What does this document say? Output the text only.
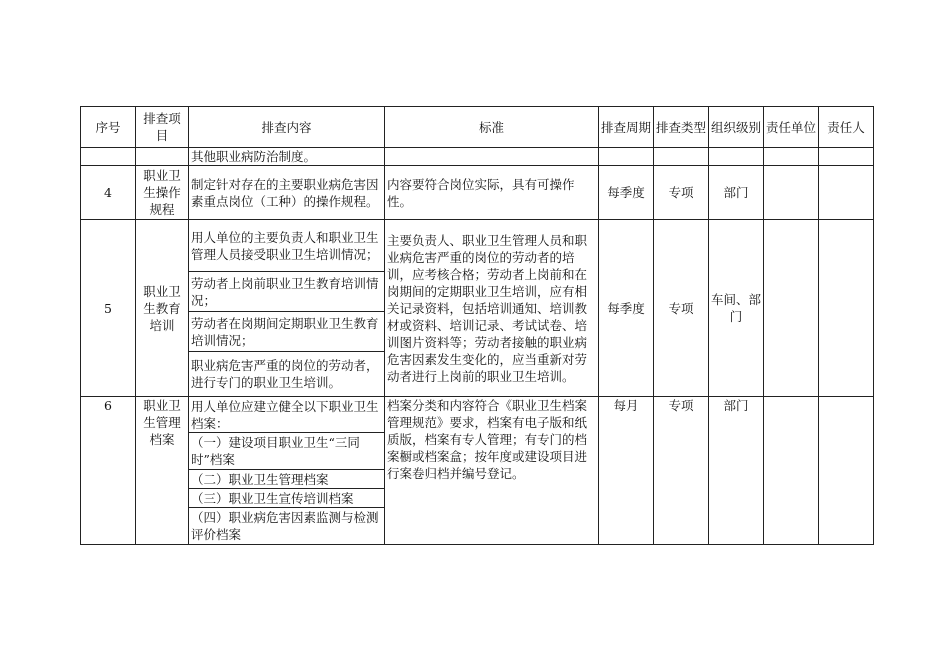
序号	排查项目	排查内容	标准	排查周期	排查类型	组织级别	责任单位	责任人
		其他职业病防治制度。						
4	职业卫生操作规程	制定针对存在的主要职业病危害因素重点岗位（工种）的操作规程。	内容要符合岗位实际，具有可操作性。	每季度	专项	部门		
5	职业卫生教育培训	用人单位的主要负责人和职业卫生管理人员接受职业卫生培训情况；	主要负责人、职业卫生管理人员和职业病危害严重的岗位的劳动者的培训，应考核合格；劳动者上岗前和在岗期间的定期职业卫生培训，应有相关记录资料，包括培训通知、培训教材或资料、培训记录、考试试卷、培训图片资料等；劳动者接触的职业病危害因素发生变化的，应当重新对劳动者进行上岗前的职业卫生培训。	每季度	专项	车间、部门		
		劳动者上岗前职业卫生教育培训情况；						
		劳动者在岗期间定期职业卫生教育培训情况；						
		职业病危害严重的岗位的劳动者，进行专门的职业卫生培训。						
6	职业卫生管理档案	用人单位应建立健全以下职业卫生档案：	档案分类和内容符合《职业卫生档案管理规范》要求，档案有电子版和纸质版，档案有专人管理；有专门的档案橱或档案盒；按年度或建设项目进行案卷归档并编号登记。	每月	专项	部门		
		（一）建设项目职业卫生“三同时”档案						
		（二）职业卫生管理档案						
		（三）职业卫生宣传培训档案						
		（四）职业病危害因素监测与检测评价档案						
